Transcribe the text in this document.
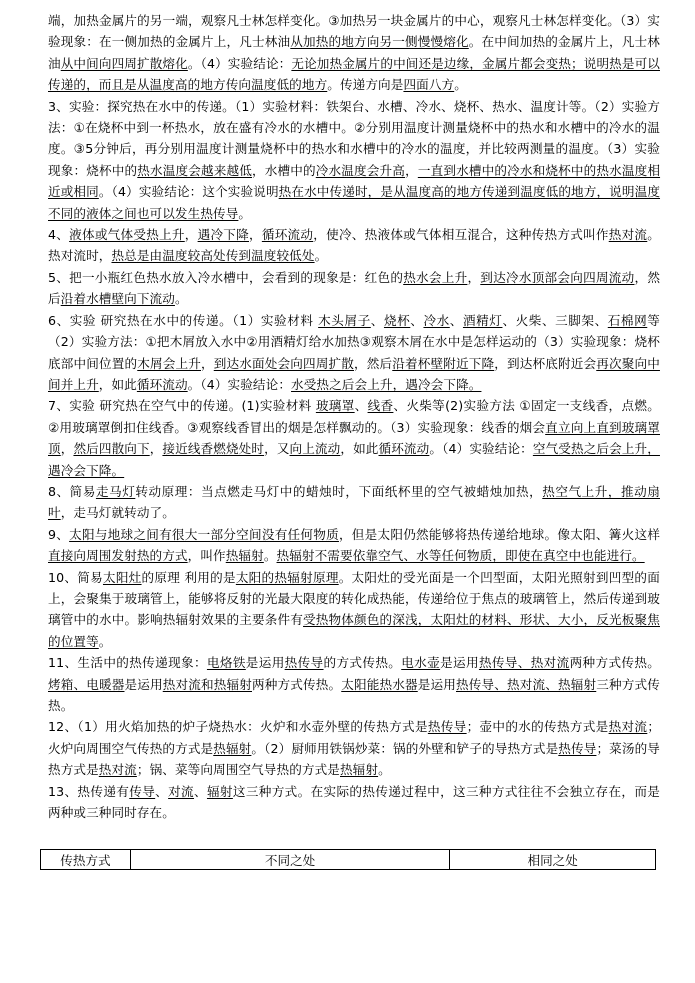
端，加热金属片的另一端，观察凡士林怎样变化。③加热另一块金属片的中心，观察凡士林怎样变化。（3）实验现象：在一侧加热的金属片上，凡士林油从加热的地方向另一侧慢慢熔化。在中间加热的金属片上，凡士林油从中间向四周扩散熔化。（4）实验结论：无论加热金属片的中间还是边缘，金属片都会变热；说明热是可以传递的，而且是从温度高的地方传向温度低的地方。传递方向是四面八方。

3、实验：探究热在水中的传递。（1）实验材料：铁架台、水槽、冷水、烧杯、热水、温度计等。（2）实验方法：①在烧杯中到一杯热水，放在盛有冷水的水槽中。②分别用温度计测量烧杯中的热水和水槽中的冷水的温度。③5分钟后，再分别用温度计测量烧杯中的热水和水槽中的冷水的温度，并比较两测量的温度。（3）实验现象：烧杯中的热水温度会越来越低，水槽中的冷水温度会升高，一直到水槽中的冷水和烧杯中的热水温度相近或相同。（4）实验结论：这个实验说明热在水中传递时，是从温度高的地方传递到温度低的地方，说明温度不同的液体之间也可以发生热传导。

4、液体或气体受热上升，遇冷下降，循环流动，使冷、热液体或气体相互混合，这种传热方式叫作热对流。热对流时，热总是由温度较高处传到温度较低处。

5、把一小瓶红色热水放入冷水槽中，会看到的现象是：红色的热水会上升，到达冷水顶部会向四周流动，然后沿着水槽壁向下流动。

6、实验 研究热在水中的传递。（1）实验材料 木头屑子、烧杯、冷水、酒精灯、火柴、三脚架、石棉网等（2）实验方法：①把木屑放入水中②用酒精灯给水加热③观察木屑在水中是怎样运动的（3）实验现象：烧杯底部中间位置的木屑会上升，到达水面处会向四周扩散，然后沿着杯壁附近下降，到达杯底附近会再次聚向中间并上升，如此循环流动。（4）实验结论：水受热之后会上升，遇冷会下降。

7、实验 研究热在空气中的传递。(1)实验材料 玻璃罩、线香、火柴等(2)实验方法 ①固定一支线香，点燃。②用玻璃罩倒扣住线香。③观察线香冒出的烟是怎样飘动的。（3）实验现象：线香的烟会直立向上直到玻璃罩顶，然后四散向下，接近线香燃烧处时，又向上流动，如此循环流动。（4）实验结论：空气受热之后会上升，遇冷会下降。

8、简易走马灯转动原理：当点燃走马灯中的蜡烛时，下面纸杯里的空气被蜡烛加热，热空气上升，推动扇叶，走马灯就转动了。

9、太阳与地球之间有很大一部分空间没有任何物质，但是太阳仍然能够将热传递给地球。像太阳、篝火这样直接向周围发射热的方式，叫作热辐射。热辐射不需要依靠空气、水等任何物质，即使在真空中也能进行。

10、简易太阳灶的原理 利用的是太阳的热辐射原理。太阳灶的受光面是一个凹型面，太阳光照射到凹型的面上，会聚集于玻璃管上，能够将反射的光最大限度的转化成热能，传递给位于焦点的玻璃管上，然后传递到玻璃管中的水中。影响热辐射效果的主要条件有受热物体颜色的深浅，太阳灶的材料、形状、大小，反光板聚焦的位置等。

11、生活中的热传递现象：电烙铁是运用热传导的方式传热。电水壶是运用热传导、热对流两种方式传热。烤箱、电暖器是运用热对流和热辐射两种方式传热。太阳能热水器是运用热传导、热对流、热辐射三种方式传热。

12、（1）用火焰加热的炉子烧热水：火炉和水壶外壁的传热方式是热传导；壶中的水的传热方式是热对流；火炉向周围空气传热的方式是热辐射。（2）厨师用铁锅炒菜：锅的外壁和铲子的导热方式是热传导；菜汤的导热方式是热对流；锅、菜等向周围空气导热的方式是热辐射。

13、热传递有传导、对流、辐射这三种方式。在实际的热传递过程中，这三种方式往往不会独立存在，而是两种或三种同时存在。

传热方式	不同之处	相同之处
